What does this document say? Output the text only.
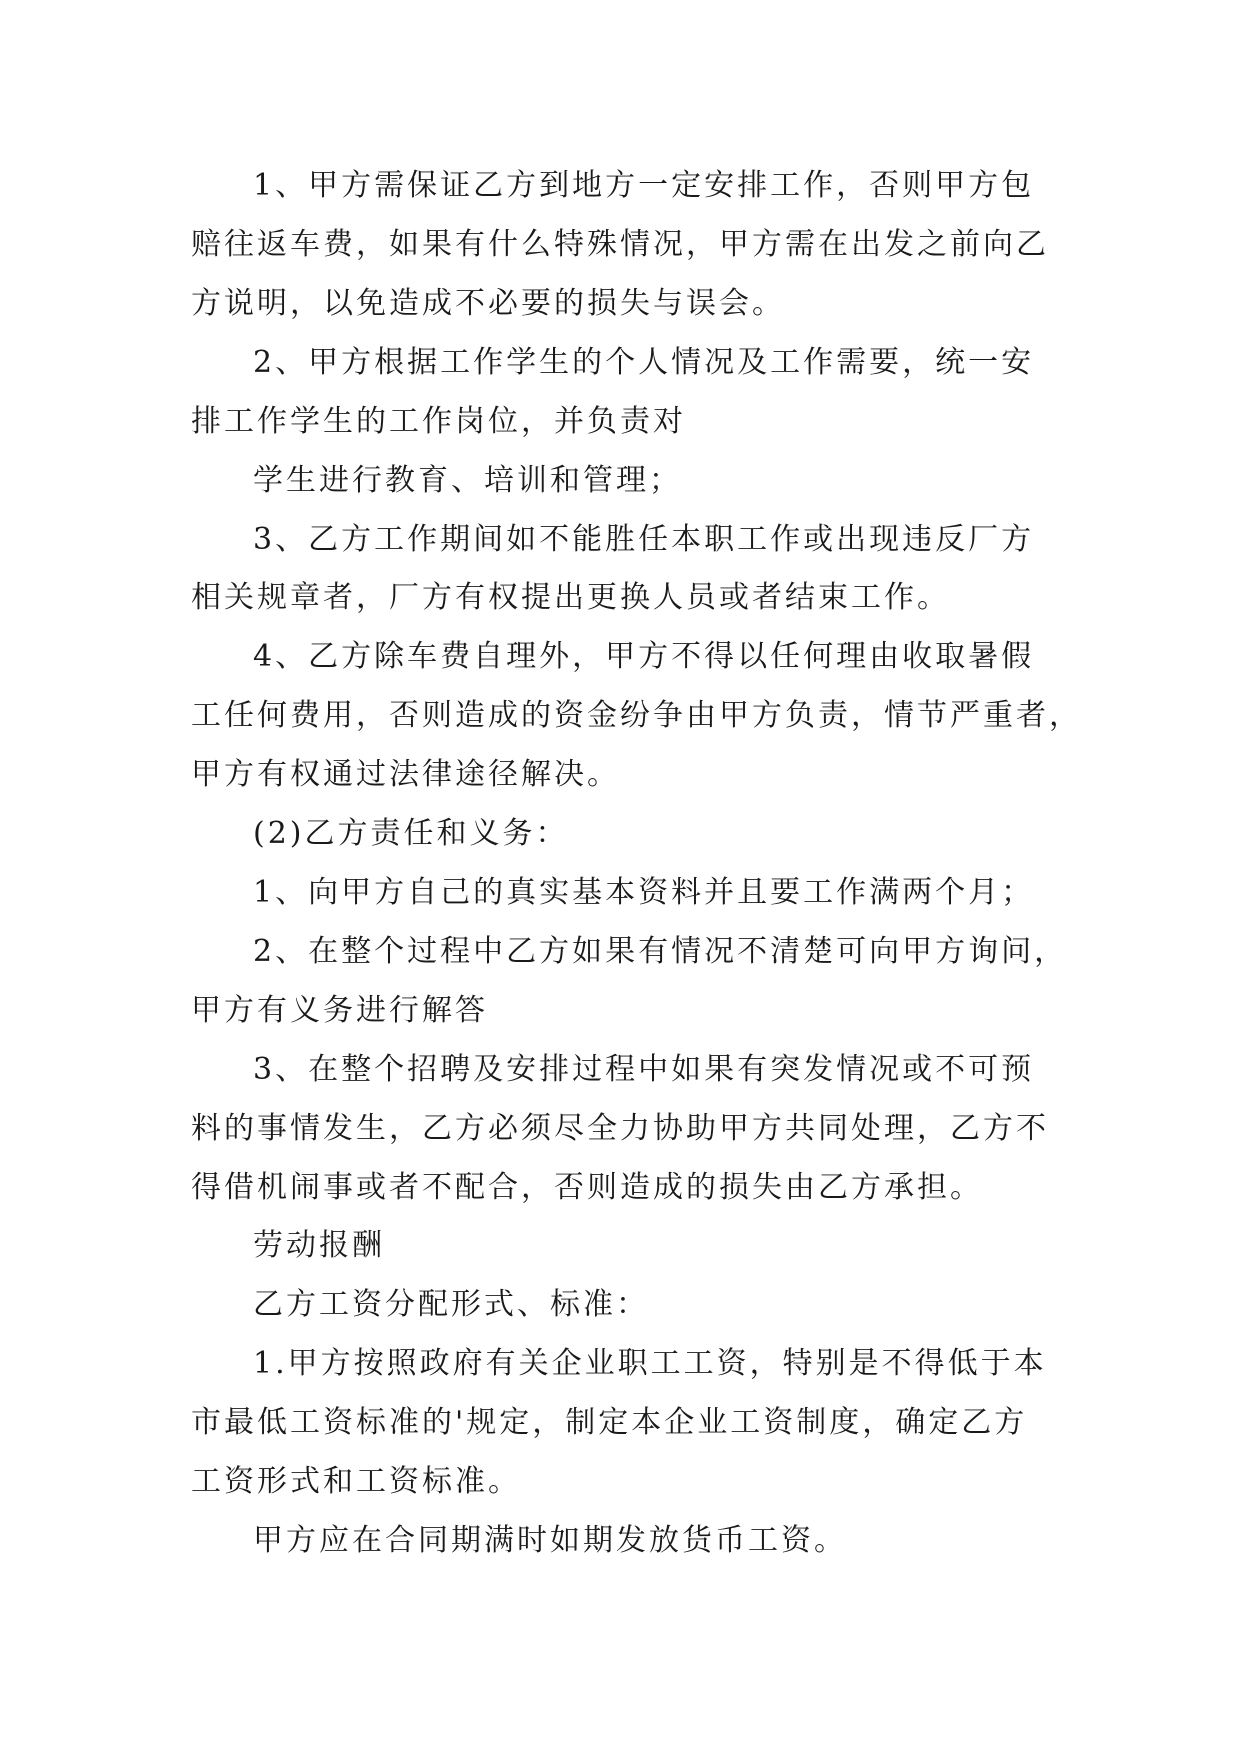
1、甲方需保证乙方到地方一定安排工作，否则甲方包
赔往返车费，如果有什么特殊情况，甲方需在出发之前向乙
方说明，以免造成不必要的损失与误会。
2、甲方根据工作学生的个人情况及工作需要，统一安
排工作学生的工作岗位，并负责对
学生进行教育、培训和管理；
3、乙方工作期间如不能胜任本职工作或出现违反厂方
相关规章者，厂方有权提出更换人员或者结束工作。
4、乙方除车费自理外，甲方不得以任何理由收取暑假
工任何费用，否则造成的资金纷争由甲方负责，情节严重者，
甲方有权通过法律途径解决。
(2)乙方责任和义务：
1、向甲方自己的真实基本资料并且要工作满两个月；
2、在整个过程中乙方如果有情况不清楚可向甲方询问，
甲方有义务进行解答
3、在整个招聘及安排过程中如果有突发情况或不可预
料的事情发生，乙方必须尽全力协助甲方共同处理，乙方不
得借机闹事或者不配合，否则造成的损失由乙方承担。
劳动报酬
乙方工资分配形式、标准：
1.甲方按照政府有关企业职工工资，特别是不得低于本
市最低工资标准的'规定，制定本企业工资制度，确定乙方
工资形式和工资标准。
甲方应在合同期满时如期发放货币工资。
